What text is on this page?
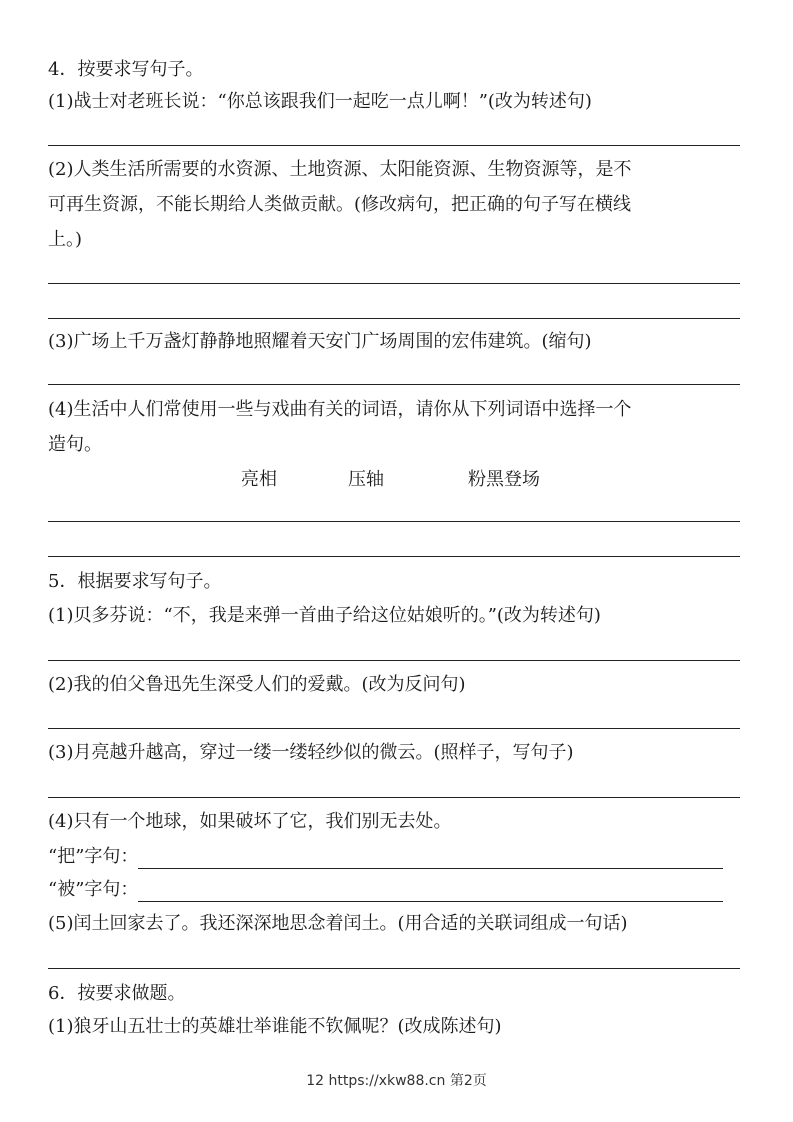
4．按要求写句子。
(1)战士对老班长说：“你总该跟我们一起吃一点儿啊！”(改为转述句)
(2)人类生活所需要的水资源、土地资源、太阳能资源、生物资源等，是不
可再生资源，不能长期给人类做贡献。(修改病句，把正确的句子写在横线
上。)
(3)广场上千万盏灯静静地照耀着天安门广场周围的宏伟建筑。(缩句)
(4)生活中人们常使用一些与戏曲有关的词语，请你从下列词语中选择一个
造句。
亮相	压轴	粉黑登场
5．根据要求写句子。
(1)贝多芬说：“不，我是来弹一首曲子给这位姑娘听的。”(改为转述句)
(2)我的伯父鲁迅先生深受人们的爱戴。(改为反问句)
(3)月亮越升越高，穿过一缕一缕轻纱似的微云。(照样子，写句子)
(4)只有一个地球，如果破坏了它，我们别无去处。
“把”字句：
“被”字句：
(5)闰土回家去了。我还深深地思念着闰土。(用合适的关联词组成一句话)
6．按要求做题。
(1)狼牙山五壮士的英雄壮举谁能不钦佩呢？(改成陈述句)
12 https://xkw88.cn 第2页
